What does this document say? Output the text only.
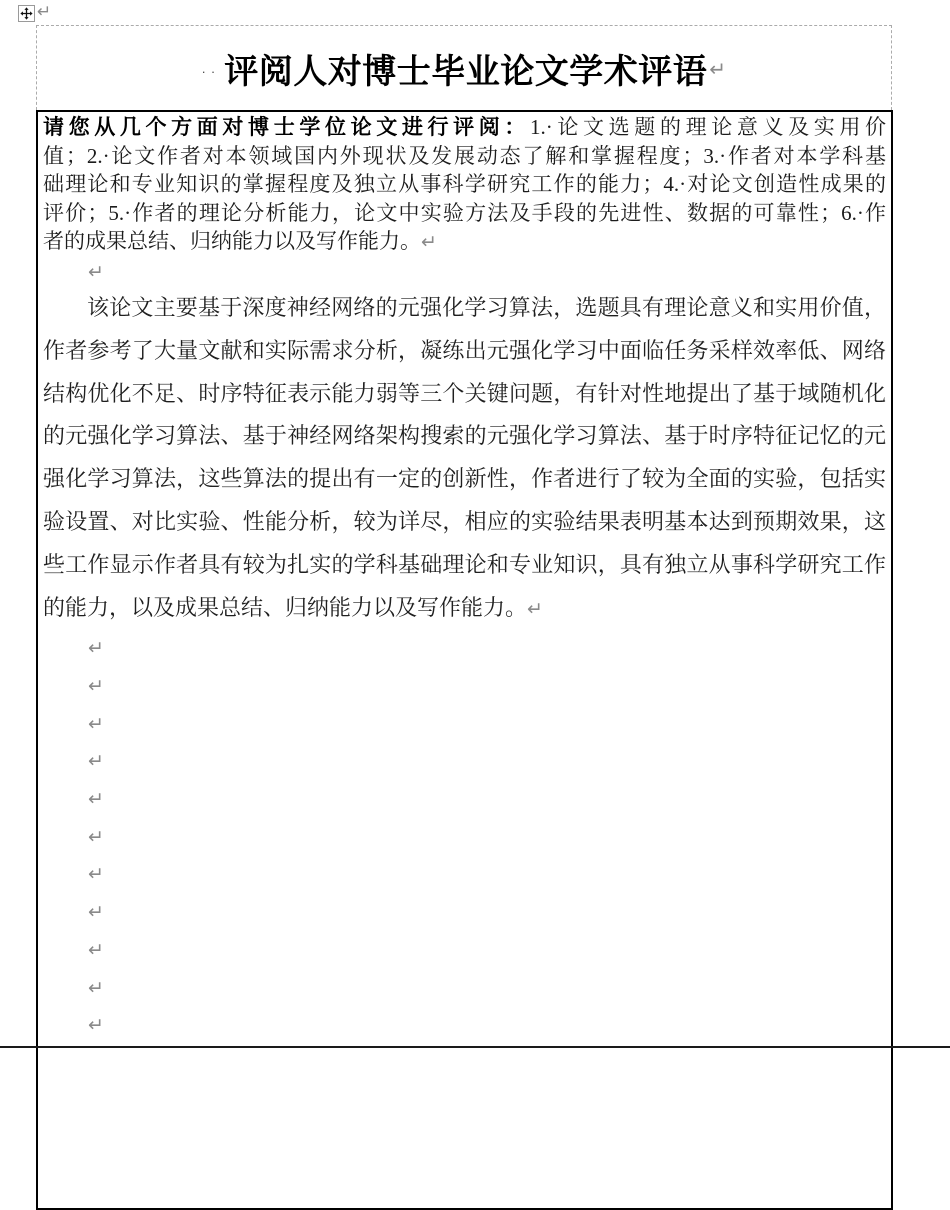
↵
·· 评阅人对博士毕业论文学术评语 ↵
请您从几个方面对博士学位论文进行评阅：1.·论文选题的理论意义及实用价
值；2.·论文作者对本领域国内外现状及发展动态了解和掌握程度；3.·作者对本学科基
础理论和专业知识的掌握程度及独立从事科学研究工作的能力；4.·对论文创造性成果的
评价；5.·作者的理论分析能力，论文中实验方法及手段的先进性、数据的可靠性；6.·作
者的成果总结、归纳能力以及写作能力。↵
↵
该论文主要基于深度神经网络的元强化学习算法，选题具有理论意义和实用价值，
作者参考了大量文献和实际需求分析，凝练出元强化学习中面临任务采样效率低、网络
结构优化不足、时序特征表示能力弱等三个关键问题，有针对性地提出了基于域随机化
的元强化学习算法、基于神经网络架构搜索的元强化学习算法、基于时序特征记忆的元
强化学习算法，这些算法的提出有一定的创新性，作者进行了较为全面的实验，包括实
验设置、对比实验、性能分析，较为详尽，相应的实验结果表明基本达到预期效果，这
些工作显示作者具有较为扎实的学科基础理论和专业知识，具有独立从事科学研究工作
的能力，以及成果总结、归纳能力以及写作能力。↵
↵
↵
↵
↵
↵
↵
↵
↵
↵
↵
↵
